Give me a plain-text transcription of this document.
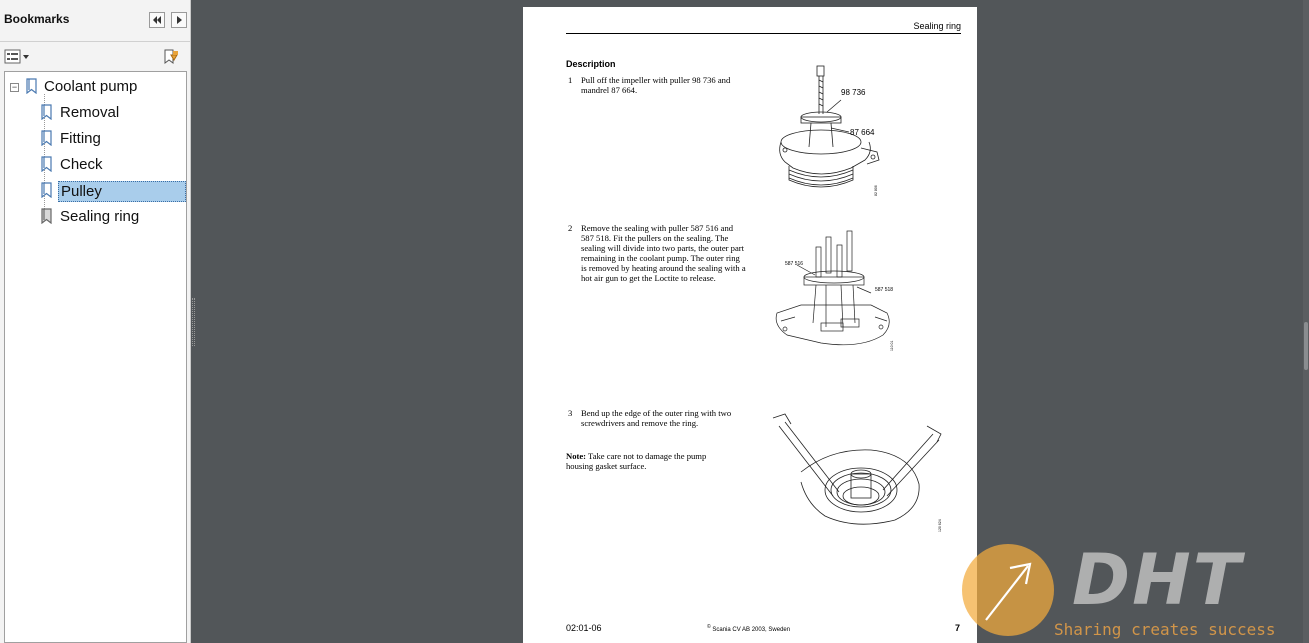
Bookmarks
− Coolant pump
Removal
Fitting
Check
Pulley
Sealing ring
Sealing ring
Description
1 Pull off the impeller with puller 98 736 and mandrel 87 664.
2 Remove the sealing with puller 587 516 and 587 518. Fit the pullers on the sealing. The sealing will divide into two parts, the outer part remaining in the coolant pump. The outer ring is removed by heating around the sealing with a hot air gun to get the Loctite to release.
3 Bend up the edge of the outer ring with two screwdrivers and remove the ring.
Note: Take care not to damage the pump housing gasket surface.
98 736
87 664
82 806
587 516
587 518
110 01
120 624
02:01-06	© Scania CV AB 2003, Sweden	7
DHT
Sharing creates success
